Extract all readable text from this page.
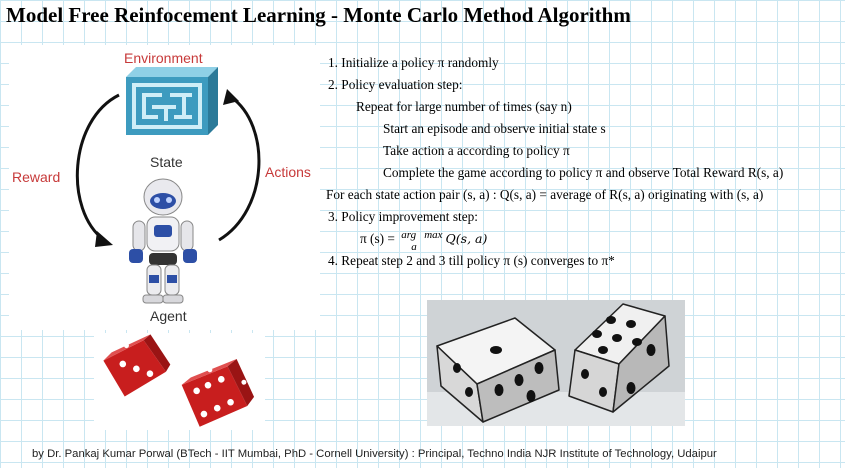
Model Free Reinfocement Learning - Monte Carlo Method Algorithm
Environment
State
Reward	Actions
Agent
1. Initialize a policy π randomly
2. Policy evaluation step:
Repeat for large number of times (say n)
Start an episode and observe initial state s
Take action a according to policy π
Complete the game according to policy π and observe Total Reward R(s, a)
For each state action pair (s, a) : Q(s, a) = average of R(s, a) originating with (s, a)
3. Policy improvement step:
π (s) = arg max
a
Q(s, a)
4. Repeat step 2 and 3 till policy π (s) converges to π*
by Dr. Pankaj Kumar Porwal (BTech - IIT Mumbai, PhD - Cornell University) : Principal, Techno India NJR Institute of Technology, Udaipur
